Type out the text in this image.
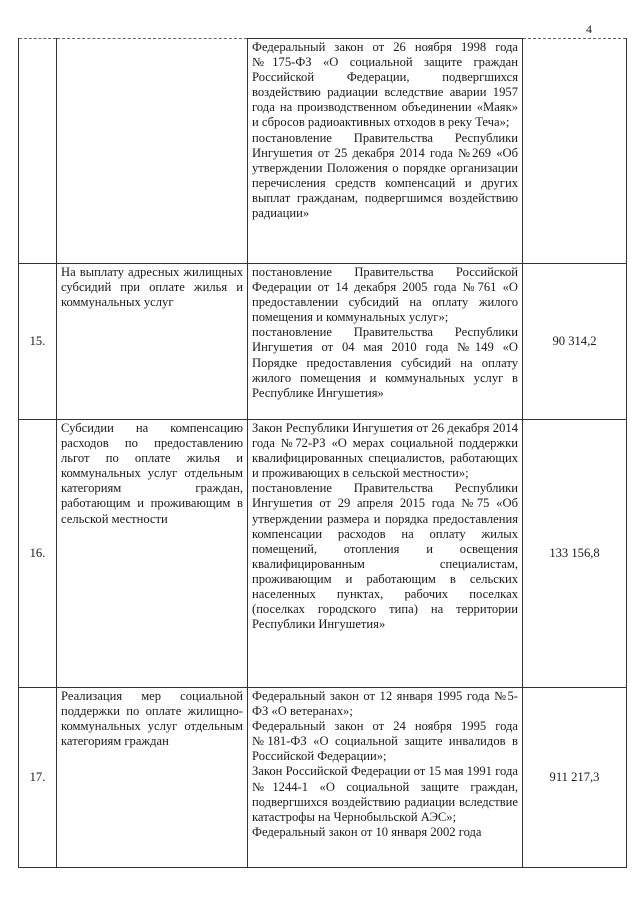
4

		Федеральный закон от 26 ноября 1998 года №175-ФЗ «О социальной защите граждан Российской Федерации, подвергшихся воздействию радиации вследствие аварии 1957 года на производственном объединении «Маяк» и сбросов радиоактивных отходов в реку Теча»;

постановление Правительства Республики Ингушетия от 25 декабря 2014 года №269 «Об утверждении Положения о порядке организации перечисления средств компенсаций и других выплат гражданам, подвергшимся воздействию радиации»	

15.	На выплату адресных жилищных субсидий при оплате жилья и коммунальных услуг	постановление Правительства Российской Федерации от 14 декабря 2005 года №761 «О предоставлении субсидий на оплату жилого помещения и коммунальных услуг»;

постановление Правительства Республики Ингушетия от 04 мая 2010 года №149 «О Порядке предоставления субсидий на оплату жилого помещения и коммунальных услуг в Республике Ингушетия»	90 314,2
16.	Субсидии на компенсацию расходов по предоставлению льгот по оплате жилья и коммунальных услуг отдельным категориям граждан, работающим и проживающим в сельской местности	Закон Республики Ингушетия от 26 декабря 2014 года №72-РЗ «О мерах социальной поддержки квалифицированных специалистов, работающих и проживающих в сельской местности»;

постановление Правительства Республики Ингушетия от 29 апреля 2015 года №75 «Об утверждении размера и порядка предоставления компенсации расходов на оплату жилых помещений, отопления и освещения квалифицированным специалистам, проживающим и работающим в сельских населенных пунктах, рабочих поселках (поселках городского типа) на территории Республики Ингушетия»	133 156,8
17.	Реализация мер социальной поддержки по оплате жилищно-коммунальных услуг отдельным категориям граждан	Федеральный закон от 12 января 1995 года №5-ФЗ «О ветеранах»;

Федеральный закон от 24 ноября 1995 года №181-ФЗ «О социальной защите инвалидов в Российской Федерации»;

Закон Российской Федерации от 15 мая 1991 года №1244-1 «О социальной защите граждан, подвергшихся воздействию радиации вследствие катастрофы на Чернобыльской АЭС»;

Федеральный закон от 10 января 2002 года	911 217,3
